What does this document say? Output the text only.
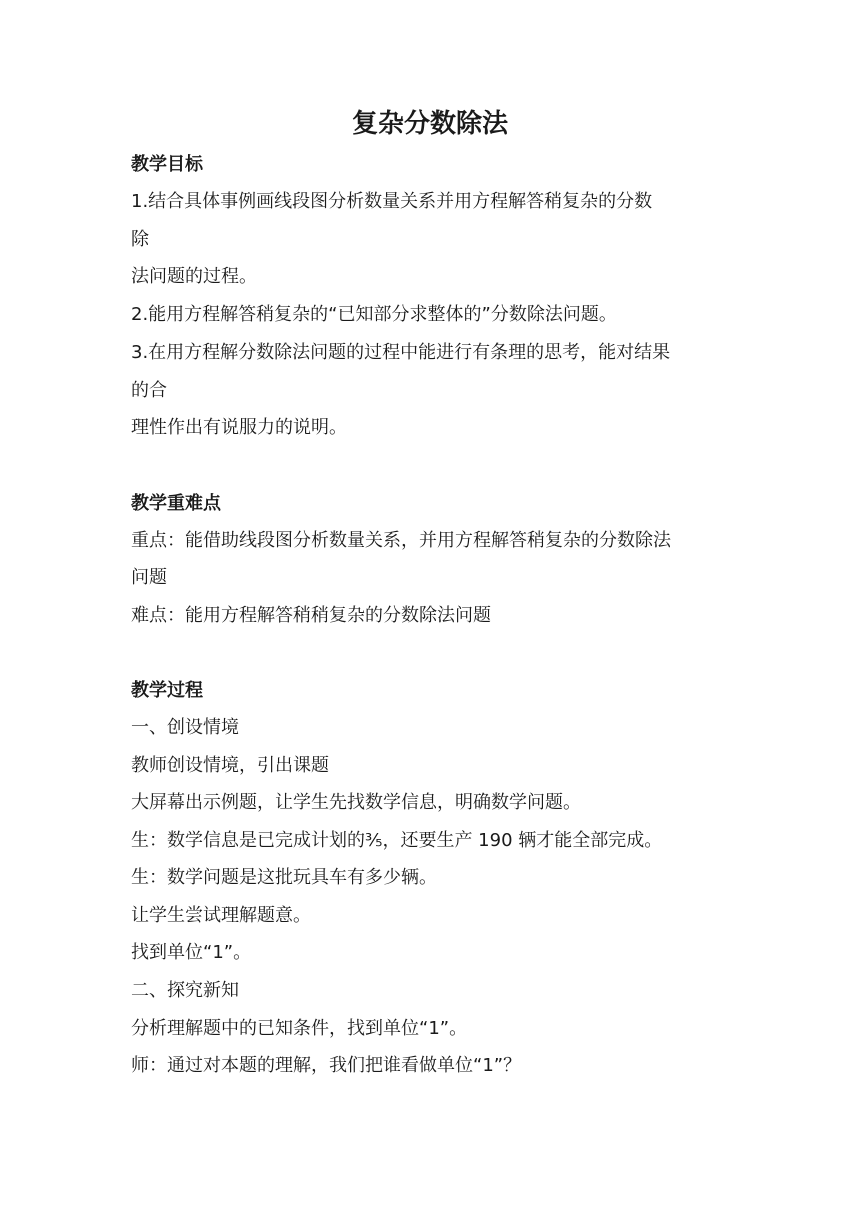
复杂分数除法
教学目标
1.结合具体事例画线段图分析数量关系并用方程解答稍复杂的分数
除
法问题的过程。
2.能用方程解答稍复杂的“已知部分求整体的”分数除法问题。
3.在用方程解分数除法问题的过程中能进行有条理的思考，能对结果
的合
理性作出有说服力的说明。
教学重难点
重点：能借助线段图分析数量关系，并用方程解答稍复杂的分数除法
问题
难点：能用方程解答稍稍复杂的分数除法问题
教学过程
一、创设情境
教师创设情境，引出课题
大屏幕出示例题，让学生先找数学信息，明确数学问题。
生：数学信息是已完成计划的⅗，还要生产 190 辆才能全部完成。
生：数学问题是这批玩具车有多少辆。
让学生尝试理解题意。
找到单位“1”。
二、探究新知
分析理解题中的已知条件，找到单位“1”。
师：通过对本题的理解，我们把谁看做单位“1”？
